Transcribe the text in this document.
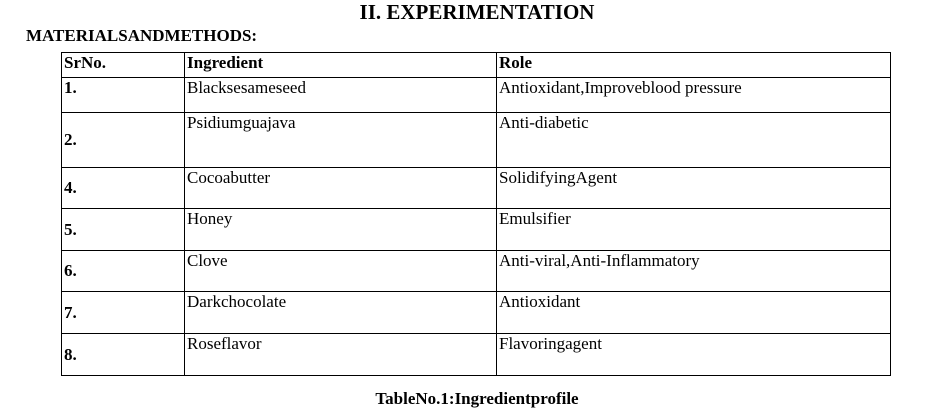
II. EXPERIMENTATION
MATERIALSANDMETHODS:
SrNo.	Ingredient	Role
1.	Blacksesameseed	Antioxidant,Improveblood pressure
2.	Psidiumguajava	Anti-diabetic
4.	Cocoabutter	SolidifyingAgent
5.	Honey	Emulsifier
6.	Clove	Anti-viral,Anti-Inflammatory
7.	Darkchocolate	Antioxidant
8.	Roseflavor	Flavoringagent
TableNo.1:Ingredientprofile
